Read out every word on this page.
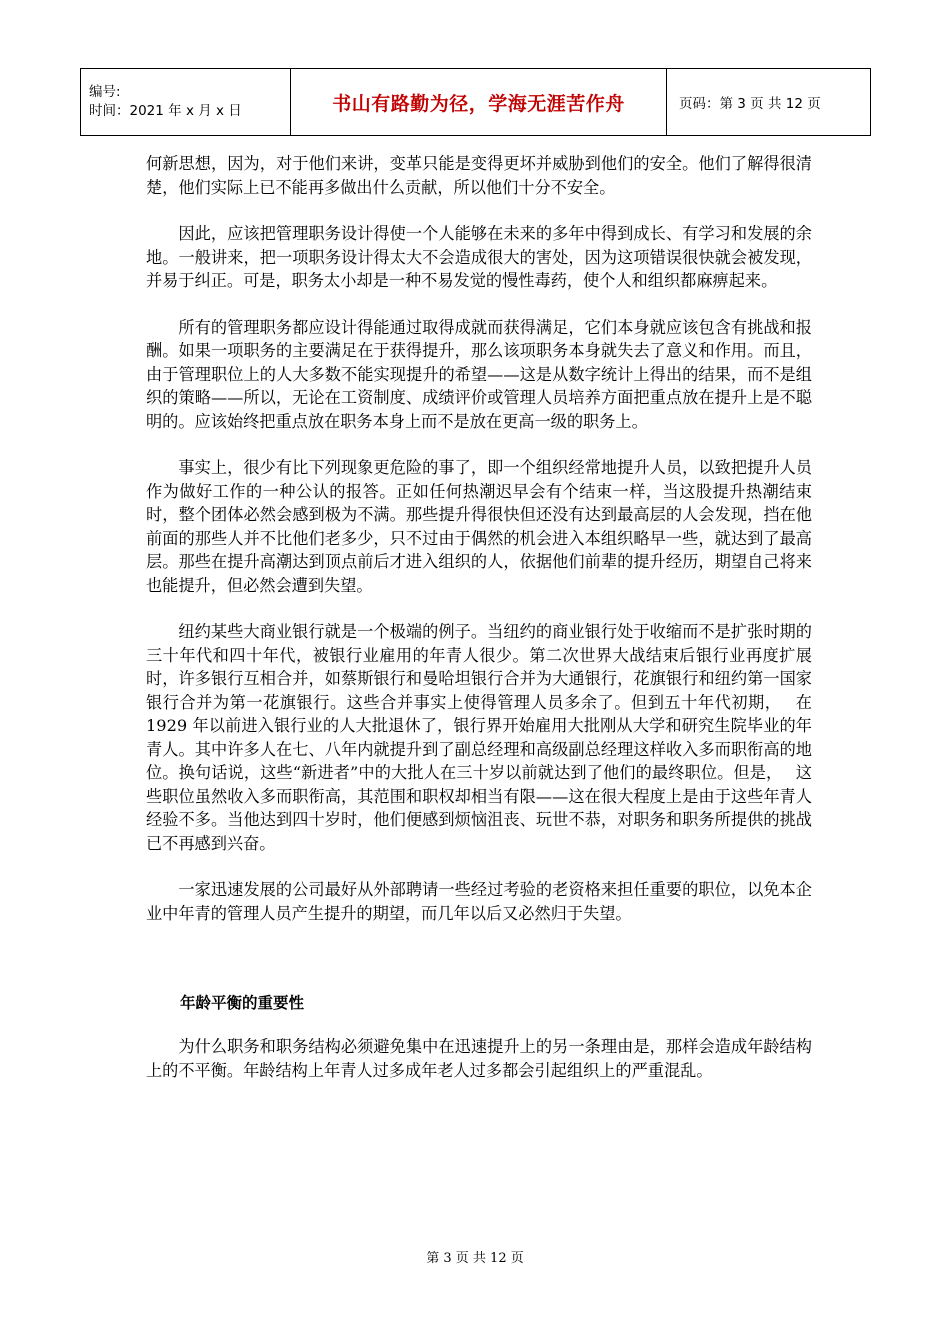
编号:
时间：2021 年 x 月 x 日	书山有路勤为径，学海无涯苦作舟	页码：第 3 页 共 12 页

何新思想，因为，对于他们来讲，变革只能是变得更坏并威胁到他们的安全。他们了解得很清楚，他们实际上已不能再多做出什么贡献，所以他们十分不安全。

因此，应该把管理职务设计得使一个人能够在未来的多年中得到成长、有学习和发展的余地。一般讲来，把一项职务设计得太大不会造成很大的害处，因为这项错误很快就会被发现，并易于纠正。可是，职务太小却是一种不易发觉的慢性毒药，使个人和组织都麻痹起来。

所有的管理职务都应设计得能通过取得成就而获得满足，它们本身就应该包含有挑战和报酬。如果一项职务的主要满足在于获得提升，那么该项职务本身就失去了意义和作用。而且，由于管理职位上的人大多数不能实现提升的希望——这是从数字统计上得出的结果，而不是组织的策略——所以，无论在工资制度、成绩评价或管理人员培养方面把重点放在提升上是不聪明的。应该始终把重点放在职务本身上而不是放在更高一级的职务上。

事实上，很少有比下列现象更危险的事了，即一个组织经常地提升人员，以致把提升人员作为做好工作的一种公认的报答。正如任何热潮迟早会有个结束一样，当这股提升热潮结束时，整个团体必然会感到极为不满。那些提升得很快但还没有达到最高层的人会发现，挡在他前面的那些人并不比他们老多少，只不过由于偶然的机会进入本组织略早一些，就达到了最高层。那些在提升高潮达到顶点前后才进入组织的人，依据他们前辈的提升经历，期望自己将来也能提升，但必然会遭到失望。

纽约某些大商业银行就是一个极端的例子。当纽约的商业银行处于收缩而不是扩张时期的三十年代和四十年代，被银行业雇用的年青人很少。第二次世界大战结束后银行业再度扩展时，许多银行互相合并，如蔡斯银行和曼哈坦银行合并为大通银行，花旗银行和纽约第一国家银行合并为第一花旗银行。这些合并事实上使得管理人员多余了。但到五十年代初期，　 在 1929 年以前进入银行业的人大批退休了，银行界开始雇用大批刚从大学和研究生院毕业的年青人。其中许多人在七、八年内就提升到了副总经理和高级副总经理这样收入多而职衔高的地位。换句话说，这些“新进者”中的大批人在三十岁以前就达到了他们的最终职位。但是，　 这些职位虽然收入多而职衔高，其范围和职权却相当有限——这在很大程度上是由于这些年青人经验不多。当他达到四十岁时，他们便感到烦恼沮丧、玩世不恭，对职务和职务所提供的挑战已不再感到兴奋。

一家迅速发展的公司最好从外部聘请一些经过考验的老资格来担任重要的职位，以免本企业中年青的管理人员产生提升的期望，而几年以后又必然归于失望。

年龄平衡的重要性

为什么职务和职务结构必须避免集中在迅速提升上的另一条理由是，那样会造成年龄结构上的不平衡。年龄结构上年青人过多成年老人过多都会引起组织上的严重混乱。

第 3 页 共 12 页
